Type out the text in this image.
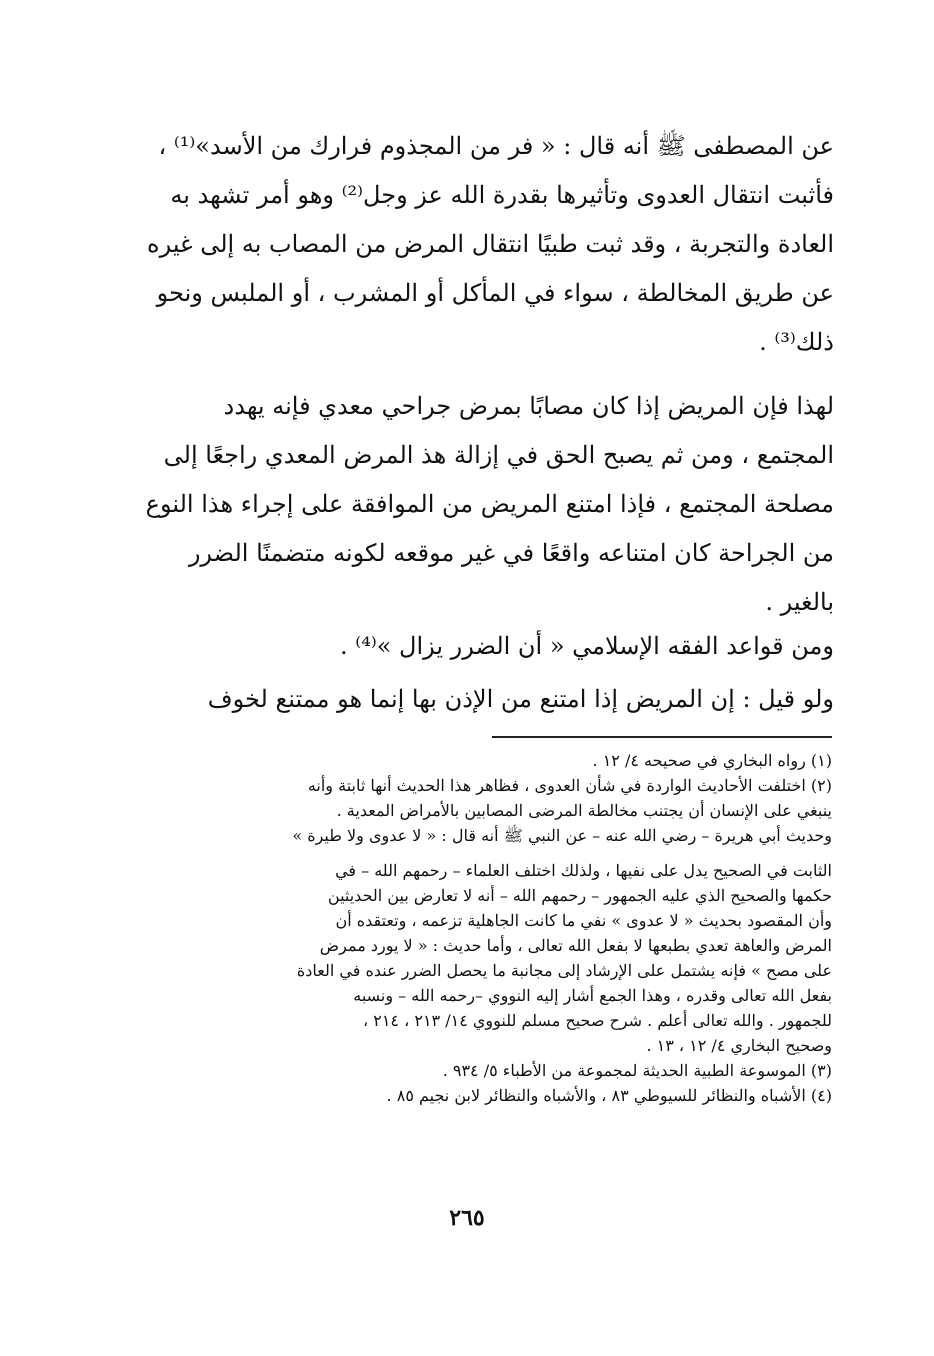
عن المصطفى ﷺ أنه قال : « فر من المجذوم فرارك من الأسد»⁽¹⁾ ،
فأثبت انتقال العدوى وتأثيرها بقدرة الله عز وجل⁽²⁾ وهو أمر تشهد به
العادة والتجربة ، وقد ثبت طبيًا انتقال المرض من المصاب به إلى غيره
عن طريق المخالطة ، سواء في المأكل أو المشرب ، أو الملبس ونحو
ذلك⁽³⁾ .
لهذا فإن المريض إذا كان مصابًا بمرض جراحي معدي فإنه يهدد
المجتمع ، ومن ثم يصبح الحق في إزالة هذ المرض المعدي راجعًا إلى
مصلحة المجتمع ، فإذا امتنع المريض من الموافقة على إجراء هذا النوع
من الجراحة كان امتناعه واقعًا في غير موقعه لكونه متضمنًا الضرر
بالغير .
ومن قواعد الفقه الإسلامي « أن الضرر يزال »⁽⁴⁾ .
ولو قيل : إن المريض إذا امتنع من الإذن بها إنما هو ممتنع لخوف
(١) رواه البخاري في صحيحه ٤/ ١٢ .
(٢) اختلفت الأحاديث الواردة في شأن العدوى ، فظاهر هذا الحديث أنها ثابتة وأنه
ينبغي على الإنسان أن يجتنب مخالطة المرضى المصابين بالأمراض المعدية .
وحديث أبي هريرة – رضي الله عنه – عن النبي ﷺ أنه قال : « لا عدوى ولا طيرة »
الثابت في الصحيح يدل على نفيها ، ولذلك اختلف العلماء – رحمهم الله – في
حكمها والصحيح الذي عليه الجمهور – رحمهم الله – أنه لا تعارض بين الحديثين
وأن المقصود بحديث « لا عدوى » نفي ما كانت الجاهلية تزعمه ، وتعتقده أن
المرض والعاهة تعدي بطبعها لا بفعل الله تعالى ، وأما حديث : « لا يورد ممرض
على مصح » فإنه يشتمل على الإرشاد إلى مجانبة ما يحصل الضرر عنده في العادة
بفعل الله تعالى وقدره ، وهذا الجمع أشار إليه النووي –رحمه الله – ونسبه
للجمهور . والله تعالى أعلم . شرح صحيح مسلم للنووي ١٤/ ٢١٣ ، ٢١٤ ،
وصحيح البخاري ٤/ ١٢ ، ١٣ .
(٣) الموسوعة الطبية الحديثة لمجموعة من الأطباء ٥/ ٩٣٤ .
(٤) الأشباه والنظائر للسيوطي ٨٣ ، والأشباه والنظائر لابن نجيم ٨٥ .
٢٦٥
